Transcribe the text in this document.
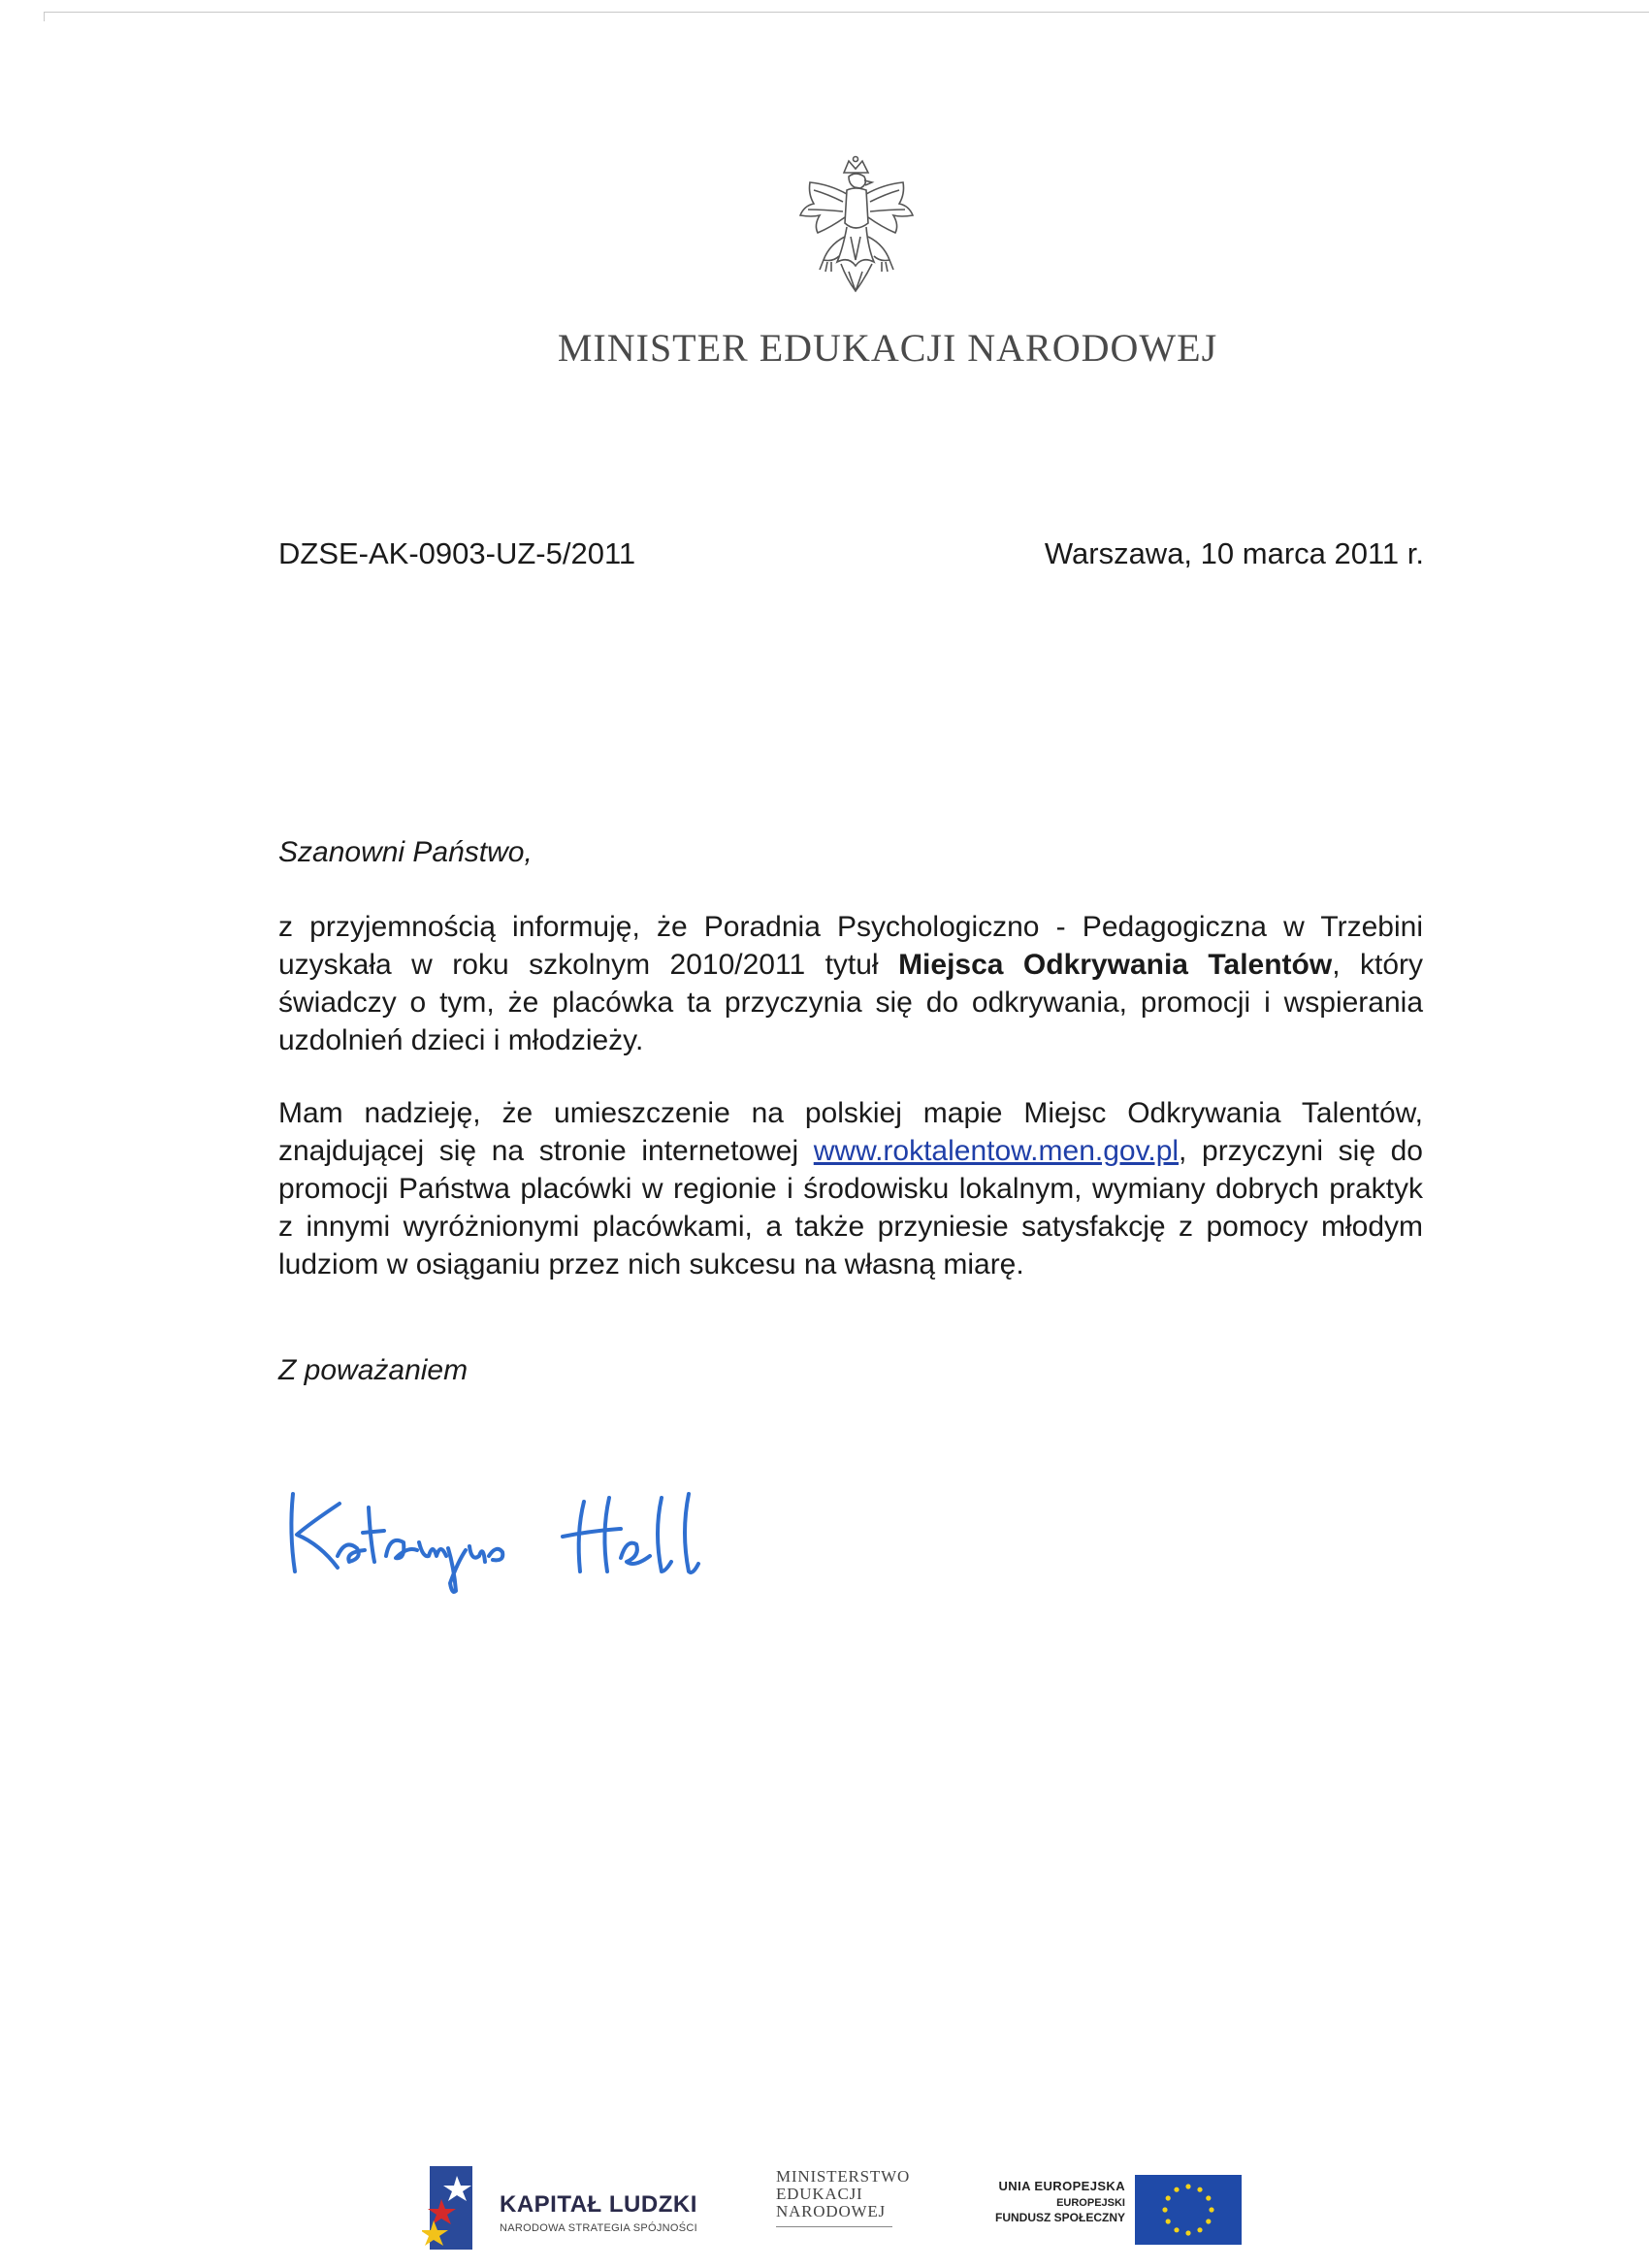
MINISTER EDUKACJI NARODOWEJ
DZSE-AK-0903-UZ-5/2011	Warszawa, 10 marca 2011 r.
Szanowni Państwo,
z przyjemnością informuję, że Poradnia Psychologiczno - Pedagogiczna w Trzebini uzyskała w roku szkolnym 2010/2011 tytuł Miejsca Odkrywania Talentów, który świadczy o tym, że placówka ta przyczynia się do odkrywania, promocji i wspierania uzdolnień dzieci i młodzieży.
Mam nadzieję, że umieszczenie na polskiej mapie Miejsc Odkrywania Talentów, znajdującej się na stronie internetowej www.roktalentow.men.gov.pl, przyczyni się do promocji Państwa placówki w regionie i środowisku lokalnym, wymiany dobrych praktyk z innymi wyróżnionymi placówkami, a także przyniesie satysfakcję z pomocy młodym ludziom w osiąganiu przez nich sukcesu na własną miarę.
Z poważaniem
KAPITAŁ LUDZKI
NARODOWA STRATEGIA SPÓJNOŚCI
MINISTERSTWO
EDUKACJI
NARODOWEJ
UNIA EUROPEJSKA
EUROPEJSKI
FUNDUSZ SPOŁECZNY
